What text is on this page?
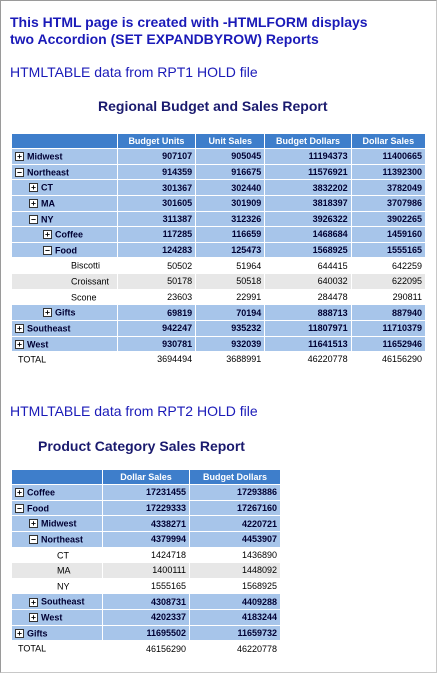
This HTML page is created with -HTMLFORM displays
two Accordion (SET EXPANDBYROW) Reports
HTMLTABLE data from RPT1 HOLD file
Regional Budget and Sales Report
	Budget Units	Unit Sales	Budget Dollars	Dollar Sales
+ Midwest	907107	905045	11194373	11400665
− Northeast	914359	916675	11576921	11392300
+ CT	301367	302440	3832202	3782049
+ MA	301605	301909	3818397	3707986
− NY	311387	312326	3926322	3902265
+ Coffee	117285	116659	1468684	1459160
− Food	124283	125473	1568925	1555165
Biscotti	50502	51964	644415	642259
Croissant	50178	50518	640032	622095
Scone	23603	22991	284478	290811
+ Gifts	69819	70194	888713	887940
+ Southeast	942247	935232	11807971	11710379
+ West	930781	932039	11641513	11652946
TOTAL	3694494	3688991	46220778	46156290
HTMLTABLE data from RPT2 HOLD file
Product Category Sales Report
	Dollar Sales	Budget Dollars
+ Coffee	17231455	17293886
− Food	17229333	17267160
+ Midwest	4338271	4220721
− Northeast	4379994	4453907
CT	1424718	1436890
MA	1400111	1448092
NY	1555165	1568925
+ Southeast	4308731	4409288
+ West	4202337	4183244
+ Gifts	11695502	11659732
TOTAL	46156290	46220778
